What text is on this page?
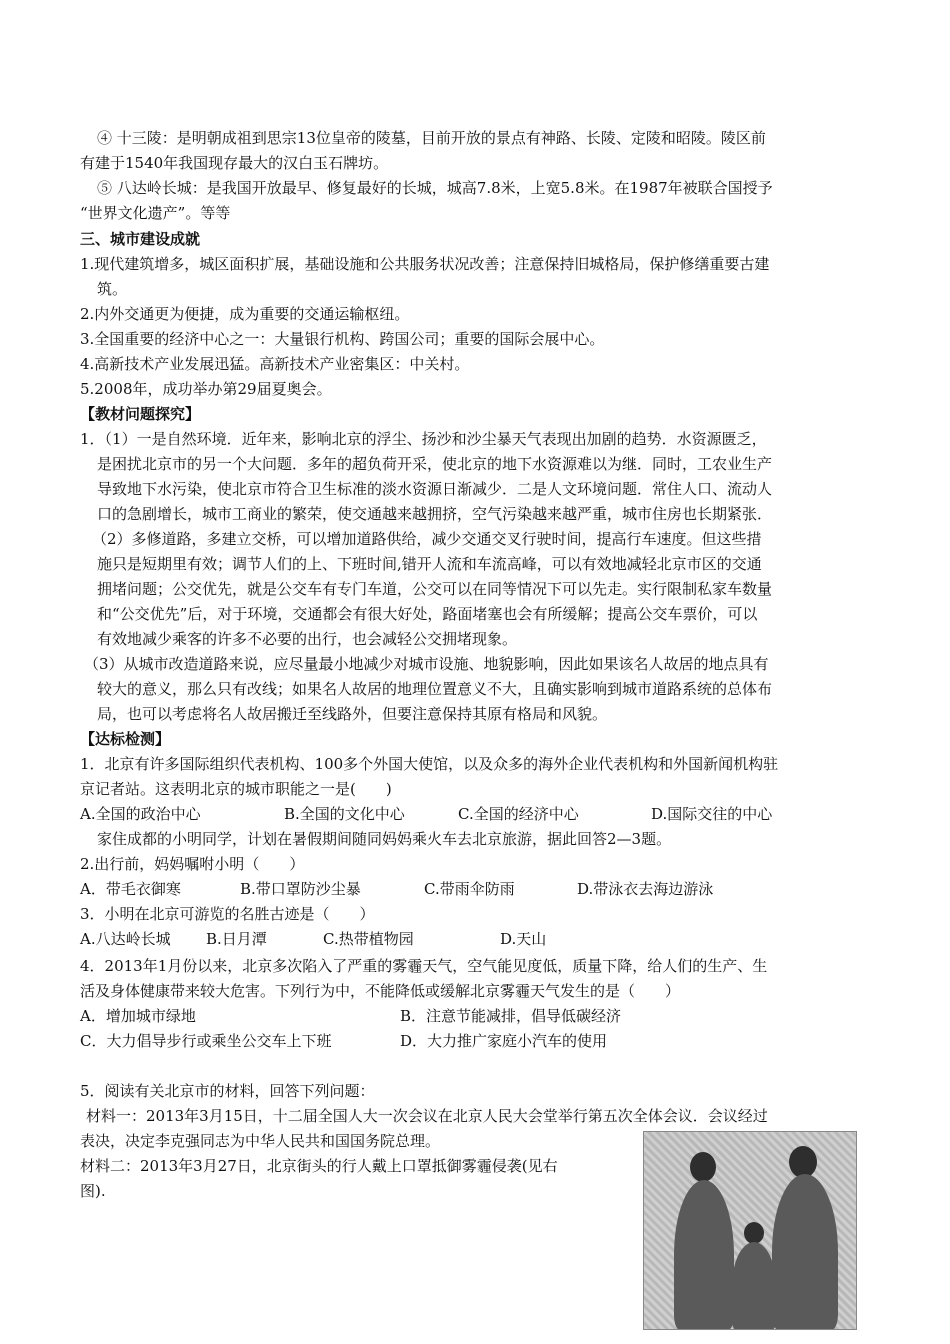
④ 十三陵：是明朝成祖到思宗13位皇帝的陵墓，目前开放的景点有神路、长陵、定陵和昭陵。陵区前
有建于1540年我国现存最大的汉白玉石牌坊。
⑤ 八达岭长城：是我国开放最早、修复最好的长城，城高7.8米，上宽5.8米。在1987年被联合国授予
“世界文化遗产”。等等
三、城市建设成就
1.现代建筑增多，城区面积扩展，基础设施和公共服务状况改善；注意保持旧城格局，保护修缮重要古建
筑。
2.内外交通更为便捷，成为重要的交通运输枢纽。
3.全国重要的经济中心之一：大量银行机构、跨国公司；重要的国际会展中心。
4.高新技术产业发展迅猛。高新技术产业密集区：中关村。
5.2008年，成功举办第29届夏奥会。
【教材问题探究】
1．（1）一是自然环境．近年来，影响北京的浮尘、扬沙和沙尘暴天气表现出加剧的趋势．水资源匮乏，
是困扰北京市的另一个大问题．多年的超负荷开采，使北京的地下水资源难以为继．同时，工农业生产
导致地下水污染，使北京市符合卫生标准的淡水资源日渐减少．二是人文环境问题．常住人口、流动人
口的急剧增长，城市工商业的繁荣，使交通越来越拥挤，空气污染越来越严重，城市住房也长期紧张．
（2）多修道路，多建立交桥，可以增加道路供给，减少交通交叉行驶时间，提高行车速度。但这些措
施只是短期里有效；调节人们的上、下班时间,错开人流和车流高峰，可以有效地减轻北京市区的交通
拥堵问题；公交优先，就是公交车有专门车道，公交可以在同等情况下可以先走。实行限制私家车数量
和“公交优先”后，对于环境，交通都会有很大好处，路面堵塞也会有所缓解；提高公交车票价，可以
有效地减少乘客的许多不必要的出行，也会减轻公交拥堵现象。
（3）从城市改造道路来说，应尽量最小地减少对城市设施、地貌影响，因此如果该名人故居的地点具有
较大的意义，那么只有改线；如果名人故居的地理位置意义不大，且确实影响到城市道路系统的总体布
局，也可以考虑将名人故居搬迁至线路外，但要注意保持其原有格局和风貌。
【达标检测】
1．北京有许多国际组织代表机构、100多个外国大使馆，以及众多的海外企业代表机构和外国新闻机构驻
京记者站。这表明北京的城市职能之一是(　　)
A.全国的政治中心	B.全国的文化中心	C.全国的经济中心	D.国际交往的中心
家住成都的小明同学，计划在暑假期间随同妈妈乘火车去北京旅游，据此回答2—3题。
2.出行前，妈妈嘱咐小明（　　）
A．带毛衣御寒	B.带口罩防沙尘暴	C.带雨伞防雨	D.带泳衣去海边游泳
3．小明在北京可游览的名胜古迹是（　　）
A.八达岭长城 B.日月潭	C.热带植物园	D.天山
4．2013年1月份以来，北京多次陷入了严重的雾霾天气，空气能见度低，质量下降，给人们的生产、生
活及身体健康带来较大危害。下列行为中，不能降低或缓解北京雾霾天气发生的是（　　）
A．增加城市绿地	B．注意节能减排，倡导低碳经济
C．大力倡导步行或乘坐公交车上下班	D．大力推广家庭小汽车的使用
5．阅读有关北京市的材料，回答下列问题：
材料一：2013年3月15日，十二届全国人大一次会议在北京人民大会堂举行第五次全体会议．会议经过
表决，决定李克强同志为中华人民共和国国务院总理。
材料二：2013年3月27日，北京街头的行人戴上口罩抵御雾霾侵袭(见右
图).
